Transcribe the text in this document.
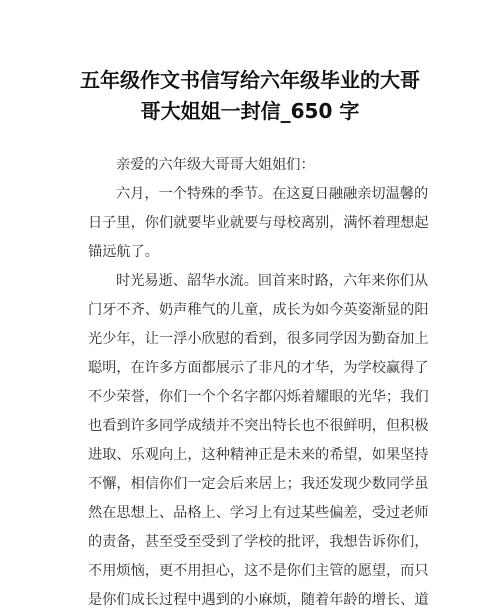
五年级作文书信写给六年级毕业的大哥
哥大姐姐一封信_650 字
亲爱的六年级大哥哥大姐姐们：
六月，一个特殊的季节。在这夏日融融亲切温馨的
日子里，你们就要毕业就要与母校离别，满怀着理想起
锚远航了。
时光易逝、韶华水流。回首来时路，六年来你们从
门牙不齐、奶声稚气的儿童，成长为如今英姿渐显的阳
光少年，让一浮小欣慰的看到，很多同学因为勤奋加上
聪明，在许多方面都展示了非凡的才华，为学校赢得了
不少荣誉，你们一个个名字都闪烁着耀眼的光华；我们
也看到许多同学成绩并不突出特长也不很鲜明，但积极
进取、乐观向上，这种精神正是未来的希望，如果坚持
不懈，相信你们一定会后来居上；我还发现少数同学虽
然在思想上、品格上、学习上有过某些偏差，受过老师
的责备，甚至受至受到了学校的批评，我想告诉你们，
不用烦恼，更不用担心，这不是你们主管的愿望，而只
是你们成长过程中遇到的小麻烦，随着年龄的增长、道
